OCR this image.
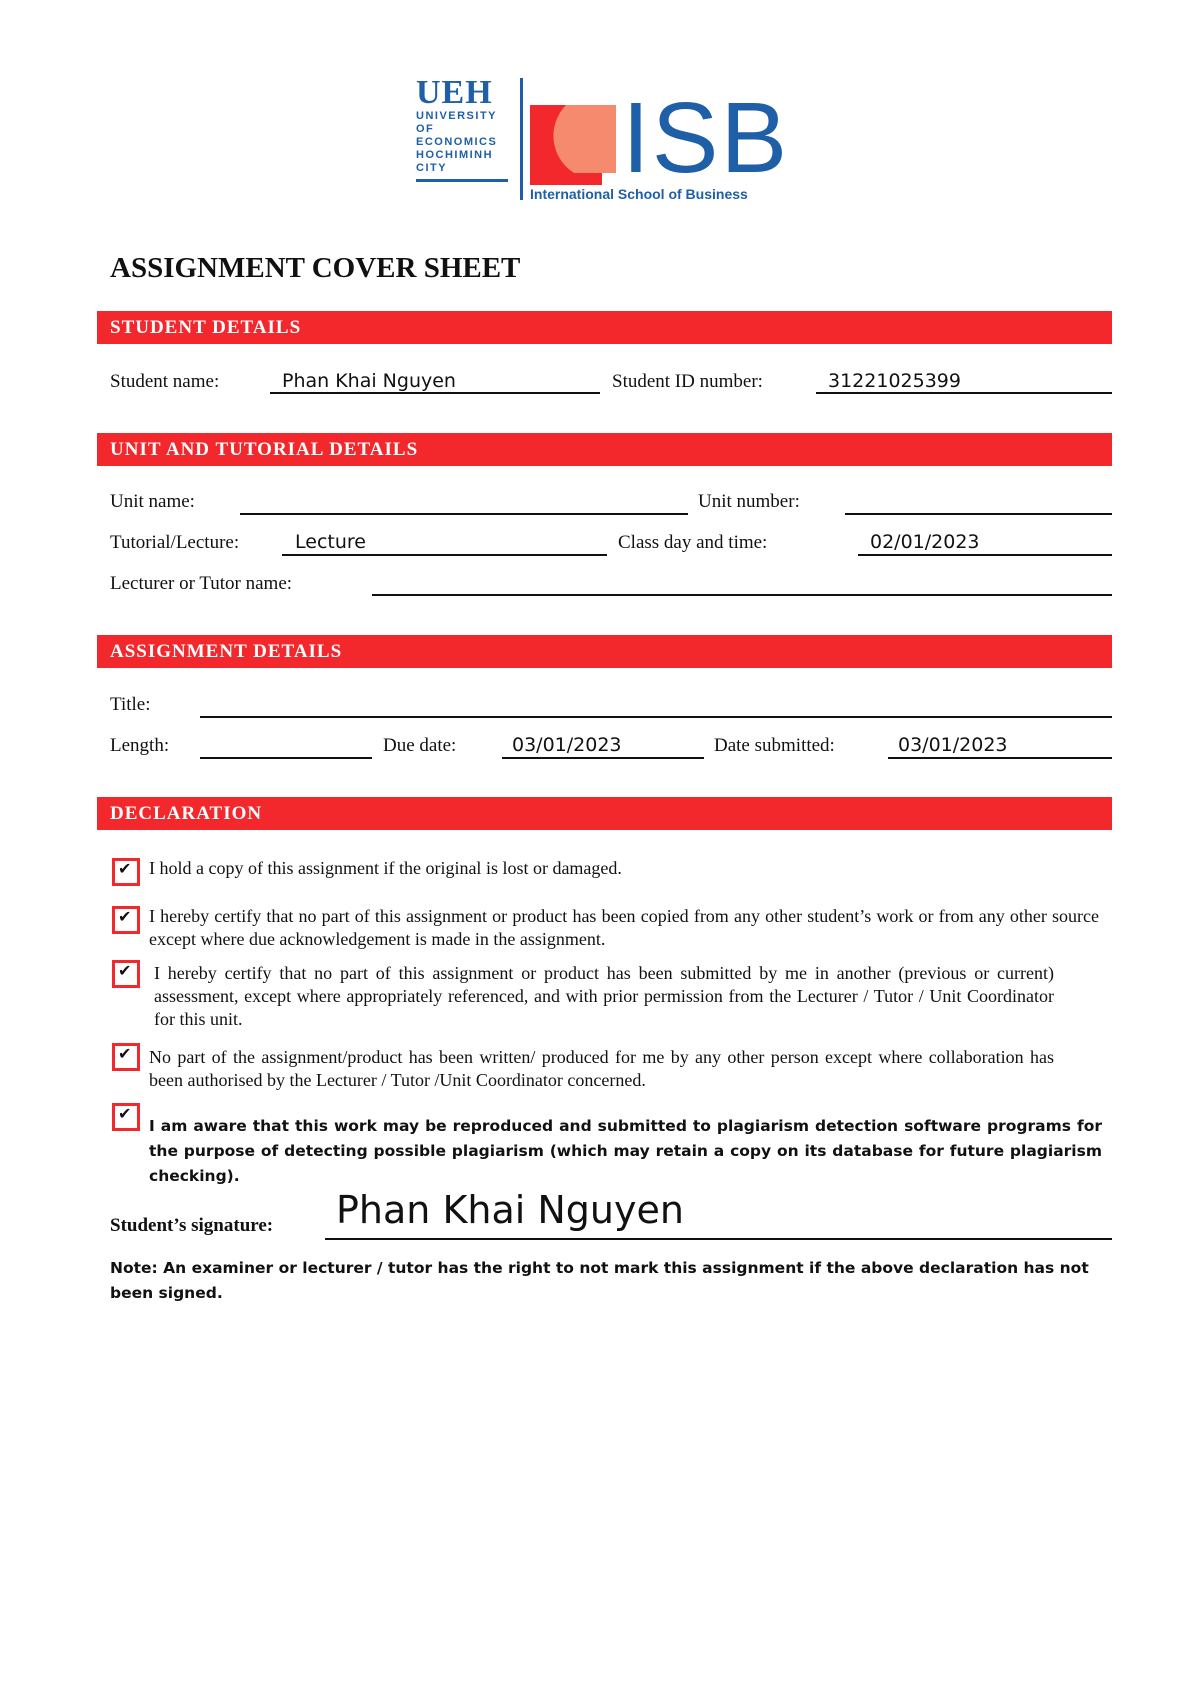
UEH
UNIVERSITY OF
ECONOMICS
HOCHIMINH CITY	ISB
International School of Business
ASSIGNMENT COVER SHEET
STUDENT DETAILS
Student name:	Phan Khai Nguyen	Student ID number:	31221025399
UNIT AND TUTORIAL DETAILS
Unit name:	Unit number:
Tutorial/Lecture:	Lecture	Class day and time:	02/01/2023
Lecturer or Tutor name:
ASSIGNMENT DETAILS
Title:
Length:	Due date:	03/01/2023	Date submitted:	03/01/2023
DECLARATION
✔
I hold a copy of this assignment if the original is lost or damaged.
✔
I hereby certify that no part of this assignment or product has been copied from any other student’s work or from any other source except where due acknowledgement is made in the assignment.
✔
I hereby certify that no part of this assignment or product has been submitted by me in another (previous or current) assessment, except where appropriately referenced, and with prior permission from the Lecturer / Tutor / Unit Coordinator for this unit.
✔
No part of the assignment/product has been written/ produced for me by any other person except where collaboration has been authorised by the Lecturer / Tutor /Unit Coordinator concerned.
✔
I am aware that this work may be reproduced and submitted to plagiarism detection software programs for the purpose of detecting possible plagiarism (which may retain a copy on its database for future plagiarism checking).
Student’s signature: Phan Khai Nguyen
Note: An examiner or lecturer / tutor has the right to not mark this assignment if the above declaration has not been signed.
